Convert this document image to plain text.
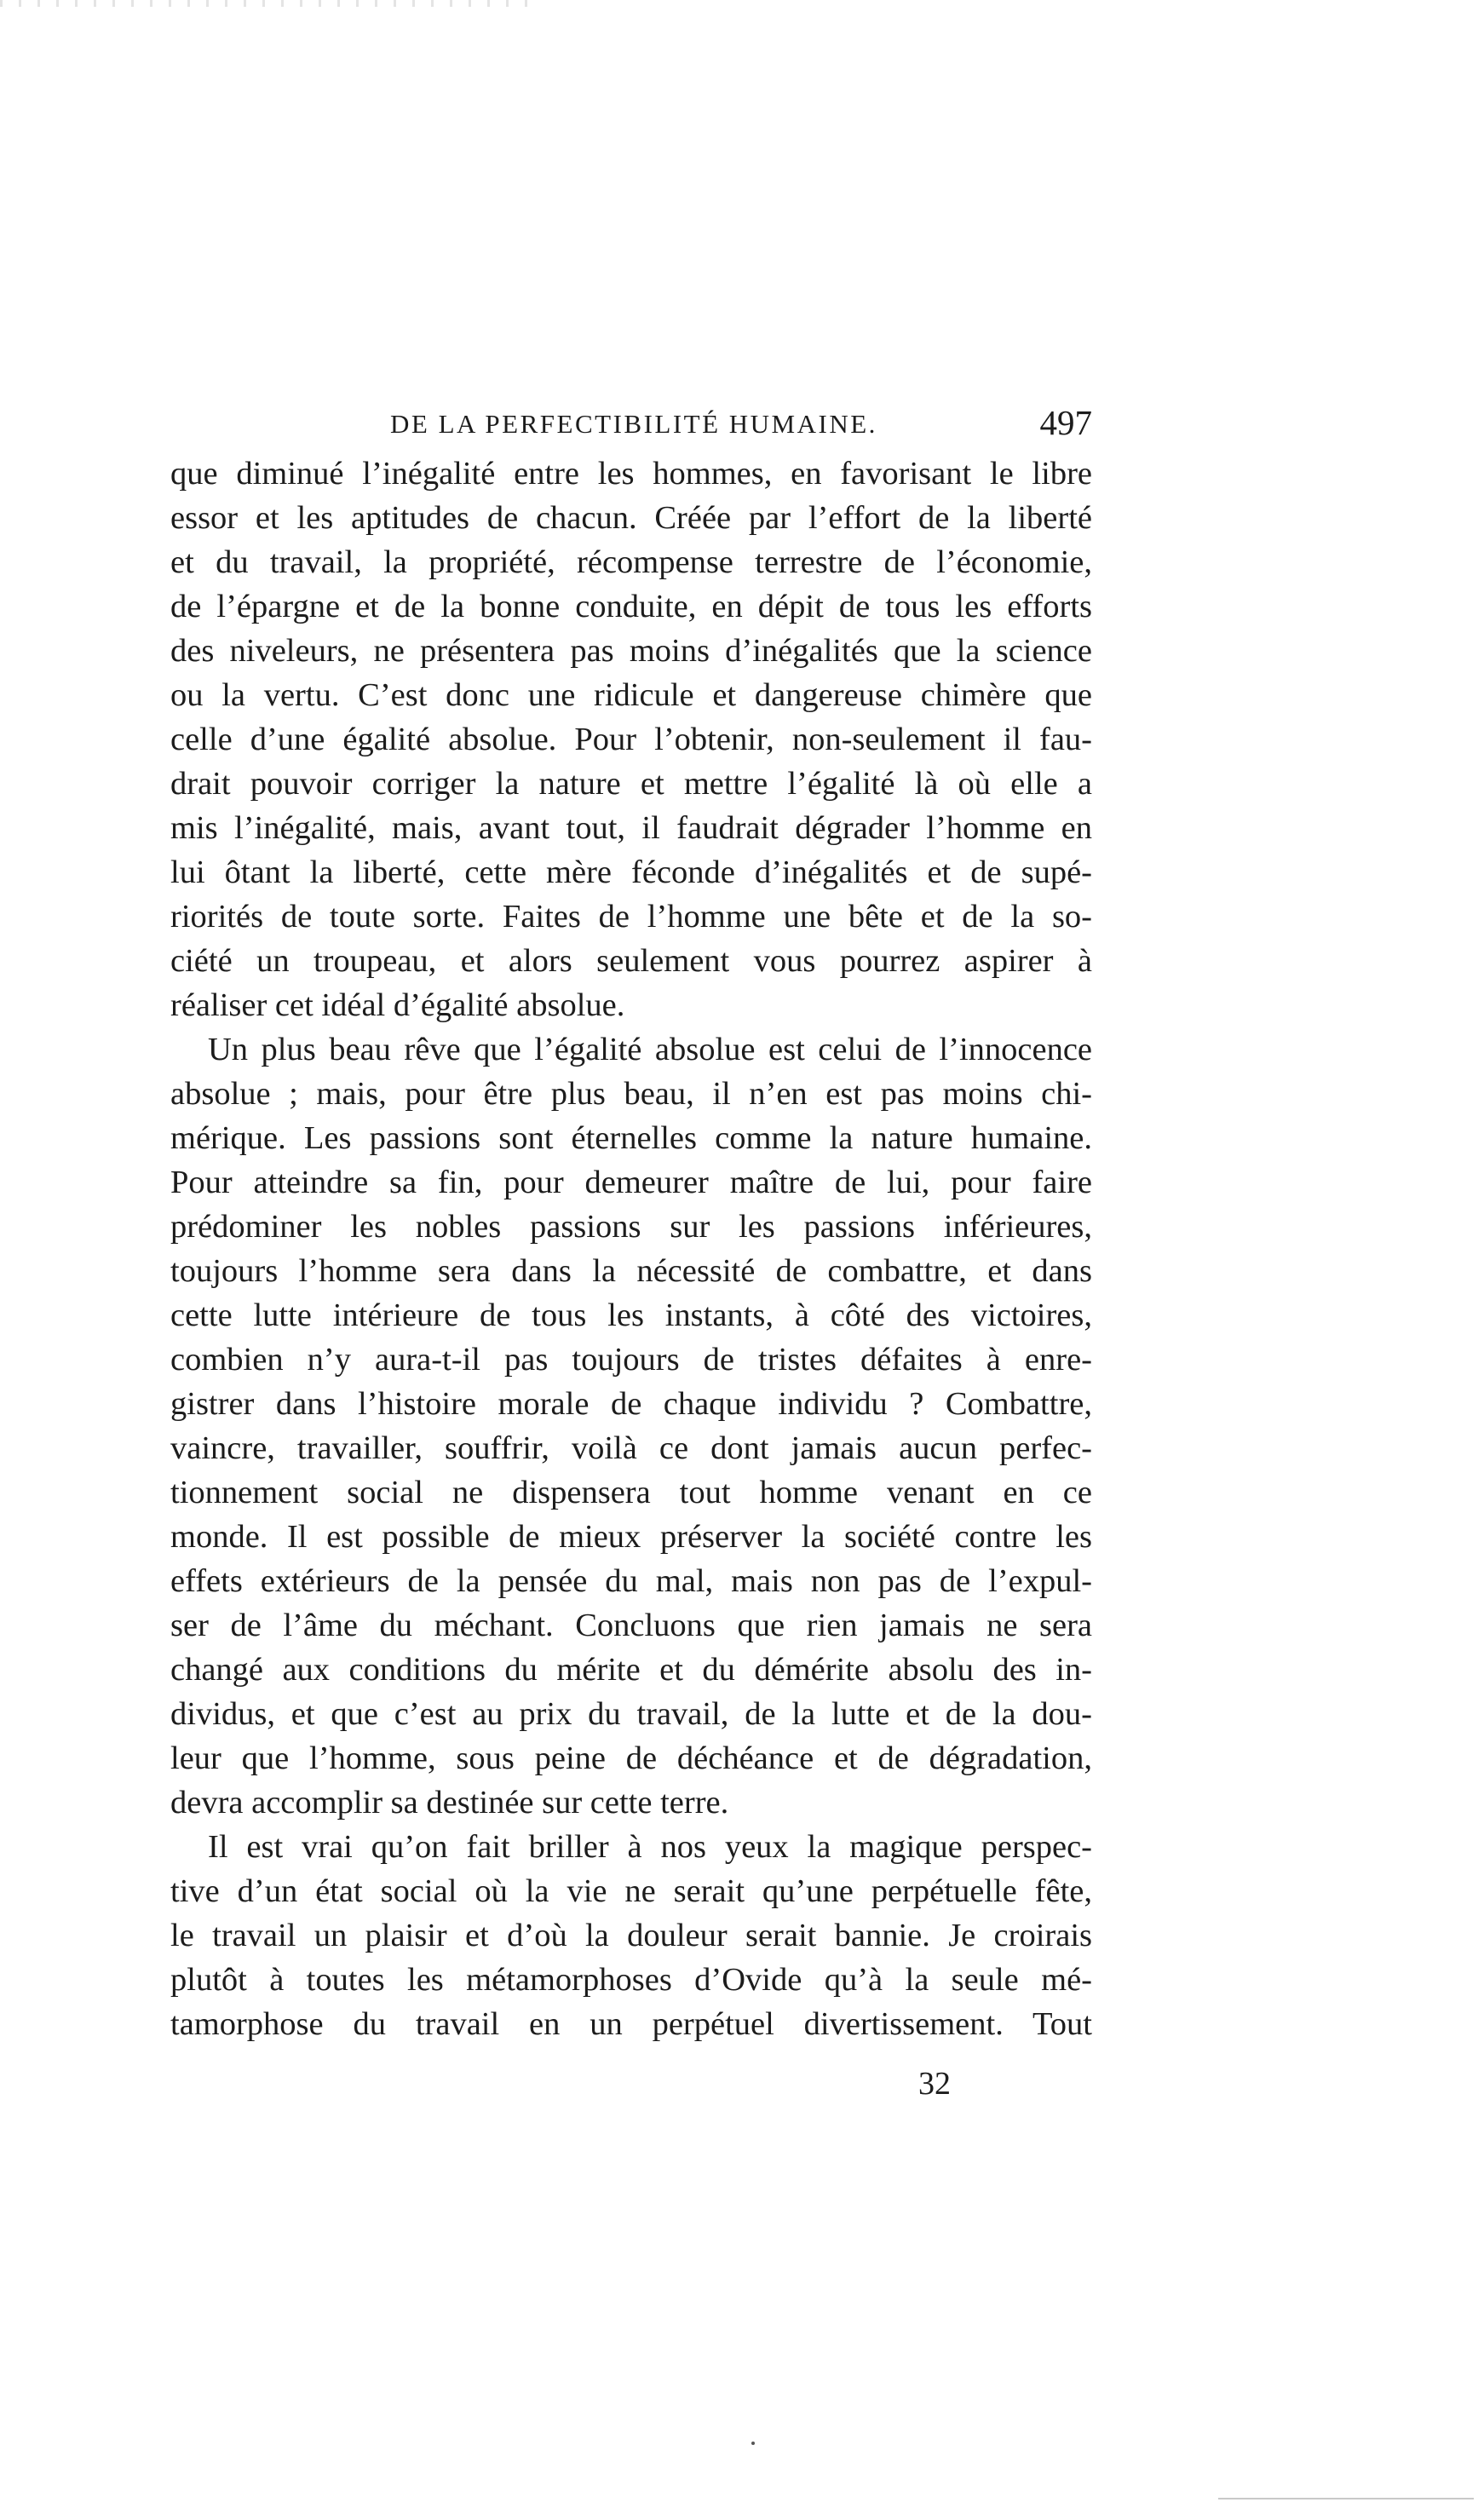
DE LA PERFECTIBILITÉ HUMAINE.	497
que diminué l’inégalité entre les hommes, en favorisant le libre
essor et les aptitudes de chacun. Créée par l’effort de la liberté
et du travail, la propriété, récompense terrestre de l’économie,
de l’épargne et de la bonne conduite, en dépit de tous les efforts
des niveleurs, ne présentera pas moins d’inégalités que la science
ou la vertu. C’est donc une ridicule et dangereuse chimère que
celle d’une égalité absolue. Pour l’obtenir, non-seulement il fau-
drait pouvoir corriger la nature et mettre l’égalité là où elle a
mis l’inégalité, mais, avant tout, il faudrait dégrader l’homme en
lui ôtant la liberté, cette mère féconde d’inégalités et de supé-
riorités de toute sorte. Faites de l’homme une bête et de la so-
ciété un troupeau, et alors seulement vous pourrez aspirer à
réaliser cet idéal d’égalité absolue.
Un plus beau rêve que l’égalité absolue est celui de l’innocence
absolue ; mais, pour être plus beau, il n’en est pas moins chi-
mérique. Les passions sont éternelles comme la nature humaine.
Pour atteindre sa fin, pour demeurer maître de lui, pour faire
prédominer les nobles passions sur les passions inférieures,
toujours l’homme sera dans la nécessité de combattre, et dans
cette lutte intérieure de tous les instants, à côté des victoires,
combien n’y aura-t-il pas toujours de tristes défaites à enre-
gistrer dans l’histoire morale de chaque individu ? Combattre,
vaincre, travailler, souffrir, voilà ce dont jamais aucun perfec-
tionnement social ne dispensera tout homme venant en ce
monde. Il est possible de mieux préserver la société contre les
effets extérieurs de la pensée du mal, mais non pas de l’expul-
ser de l’âme du méchant. Concluons que rien jamais ne sera
changé aux conditions du mérite et du démérite absolu des in-
dividus, et que c’est au prix du travail, de la lutte et de la dou-
leur que l’homme, sous peine de déchéance et de dégradation,
devra accomplir sa destinée sur cette terre.
Il est vrai qu’on fait briller à nos yeux la magique perspec-
tive d’un état social où la vie ne serait qu’une perpétuelle fête,
le travail un plaisir et d’où la douleur serait bannie. Je croirais
plutôt à toutes les métamorphoses d’Ovide qu’à la seule mé-
tamorphose du travail en un perpétuel divertissement. Tout
32
